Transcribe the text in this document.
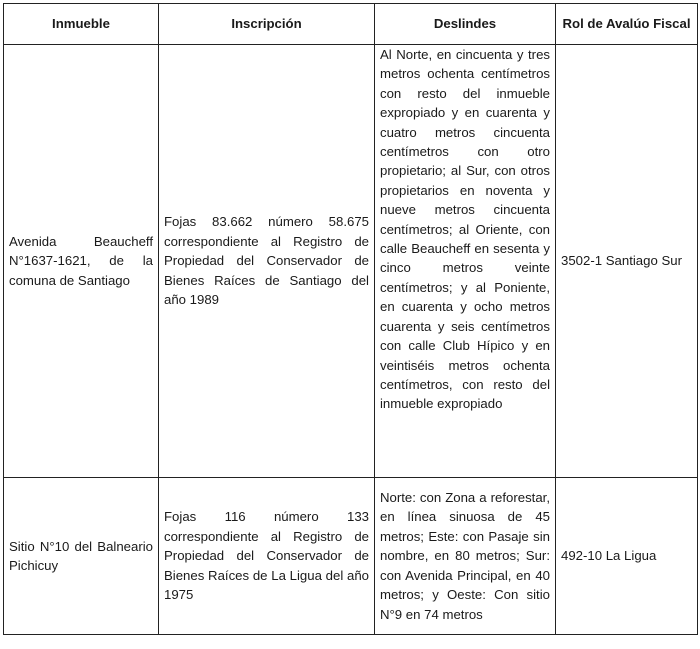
Inmueble	Inscripción	Deslindes	Rol de Avalúo Fiscal
Avenida Beaucheff N°1637-1621, de la comuna de Santiago	Fojas 83.662 número 58.675 correspondiente al Registro de Propiedad del Conservador de Bienes Raíces de Santiago del año 1989	Al Norte, en cincuenta y tres metros ochenta centímetros con resto del inmueble expropiado y en cuarenta y cuatro metros cincuenta centímetros con otro propietario; al Sur, con otros propietarios en noventa y nueve metros cincuenta centímetros; al Oriente, con calle Beaucheff en sesenta y cinco metros veinte centímetros; y al Poniente, en cuarenta y ocho metros cuarenta y seis centímetros con calle Club Hípico y en veintiséis metros ochenta centímetros, con resto del inmueble expropiado	3502-1 Santiago Sur
Sitio N°10 del Balneario Pichicuy	Fojas 116 número 133 correspondiente al Registro de Propiedad del Conservador de Bienes Raíces de La Ligua del año 1975	Norte: con Zona a reforestar, en línea sinuosa de 45 metros; Este: con Pasaje sin nombre, en 80 metros; Sur: con Avenida Principal, en 40 metros; y Oeste: Con sitio N°9 en 74 metros	492-10 La Ligua
